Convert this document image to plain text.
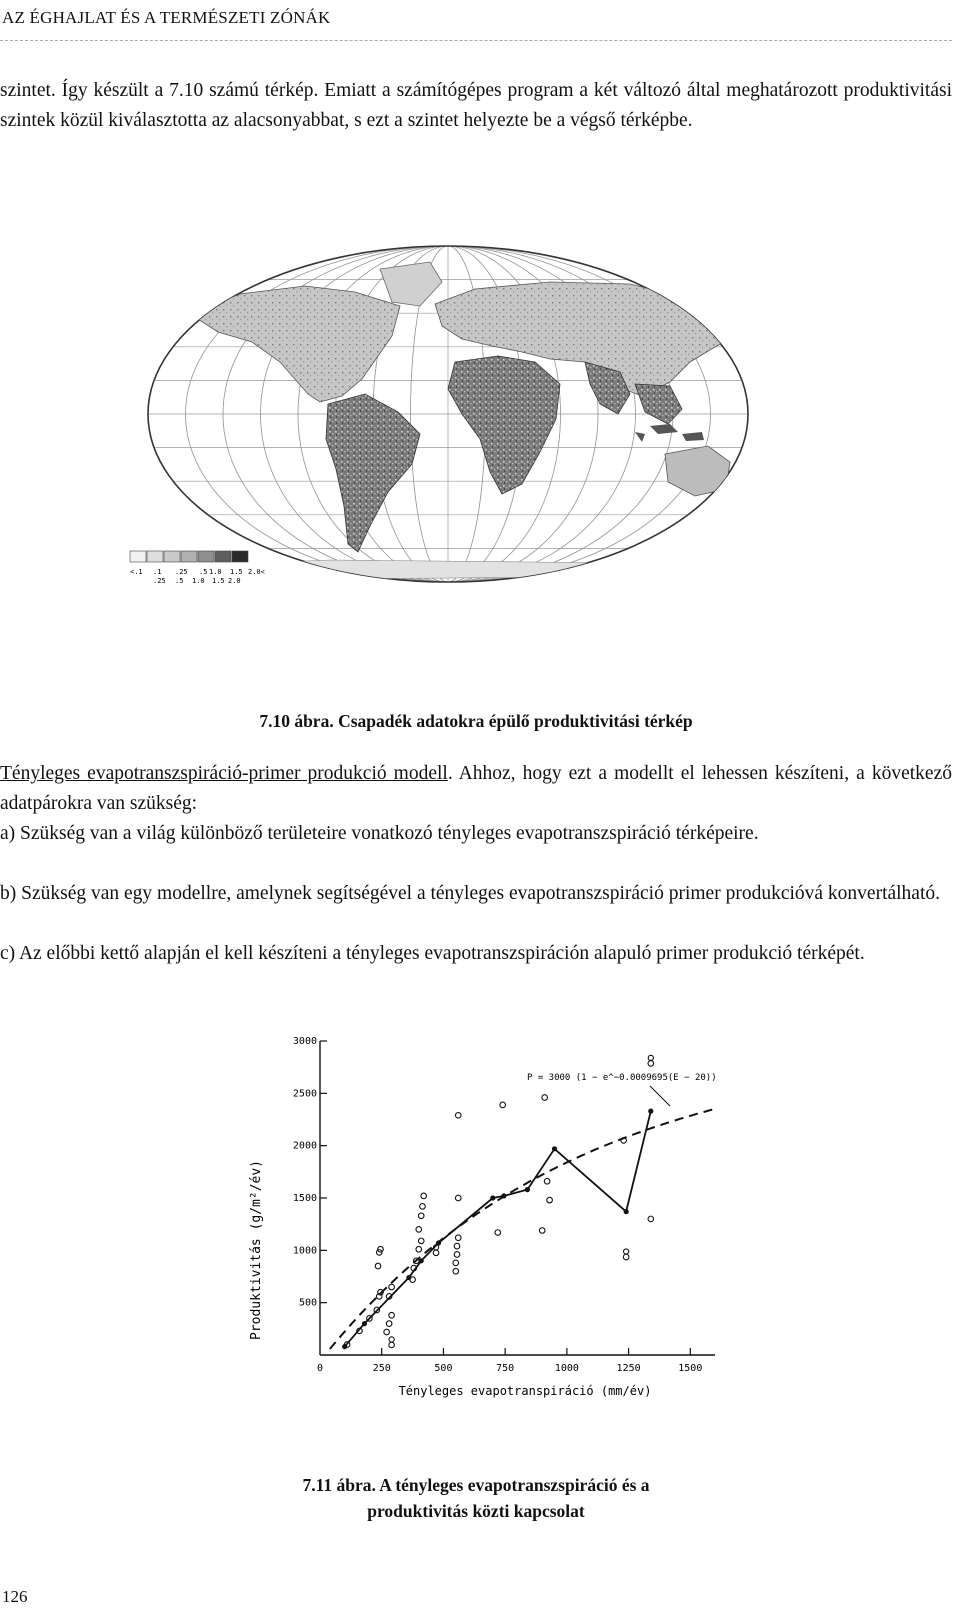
AZ ÉGHAJLAT ÉS A TERMÉSZETI ZÓNÁK
szintet. Így készült a 7.10 számú térkép. Emiatt a számítógépes program a két változó által meghatározott produktivitási szintek közül kiválasztotta az alacsonyabbat, s ezt a szintet helyezte be a végső térképbe.
<.1 .1 .25 .5 1.0 1.5 2.0<
.25 .5 1.0 1.5 2.0
7.10 ábra. Csapadék adatokra épülő produktivitási térkép
Tényleges evapotranszspiráció-primer produkció modell. Ahhoz, hogy ezt a modellt el lehessen készíteni, a következő adatpárokra van szükség:
a) Szükség van a világ különböző területeire vonatkozó tényleges evapotranszspiráció térképeire.
b) Szükség van egy modellre, amelynek segítségével a tényleges evapotranszspiráció primer produkcióvá konvertálható.
c) Az előbbi kettő alapján el kell készíteni a tényleges evapotranszspiráción alapuló primer produkció térképét.
0	250	500	750	1000	1250	1500
500
1000
1500
2000
2500
3000
P = 3000 (1 − e^−0.0009695(E − 20))
Produktivitás (g/m²/év)
Tényleges evapotranspiráció (mm/év)
7.11 ábra. A tényleges evapotranszspiráció és a
produktivitás közti kapcsolat
126
